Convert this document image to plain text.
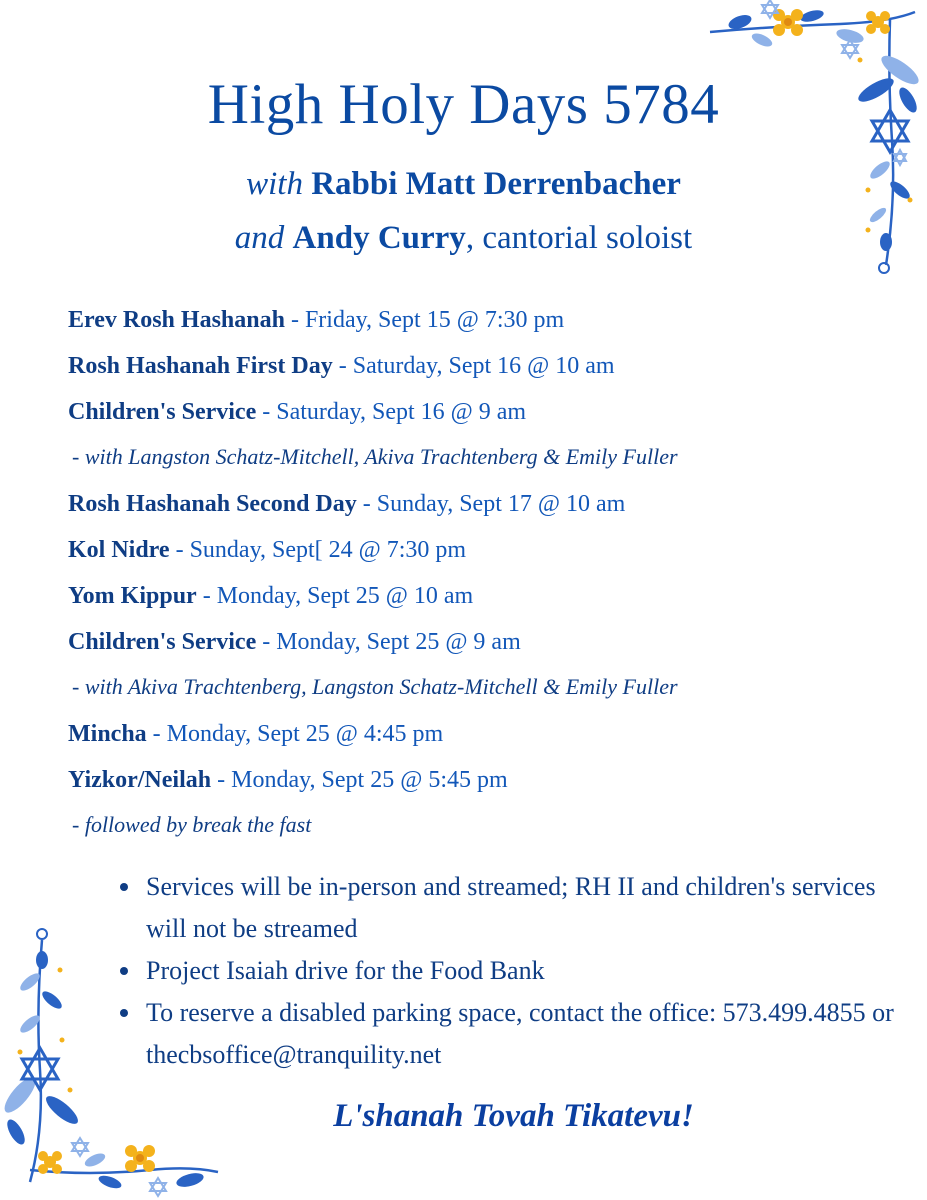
High Holy Days 5784
with Rabbi Matt Derrenbacher
and Andy Curry, cantorial soloist
Erev Rosh Hashanah - Friday, Sept 15 @ 7:30 pm
Rosh Hashanah First Day - Saturday, Sept 16 @ 10 am
Children's Service - Saturday, Sept 16 @ 9 am
- with Langston Schatz-Mitchell, Akiva Trachtenberg & Emily Fuller
Rosh Hashanah Second Day - Sunday, Sept 17 @ 10 am
Kol Nidre - Sunday, Sept[ 24 @ 7:30 pm
Yom Kippur - Monday, Sept 25 @ 10 am
Children's Service - Monday, Sept 25 @ 9 am
- with Akiva Trachtenberg, Langston Schatz-Mitchell & Emily Fuller
Mincha - Monday, Sept 25 @ 4:45 pm
Yizkor/Neilah - Monday, Sept 25 @ 5:45 pm
- followed by break the fast
Services will be in-person and streamed; RH II and children's services will not be streamed
Project Isaiah drive for the Food Bank
To reserve a disabled parking space, contact the office: 573.499.4855 or thecbsoffice@tranquility.net
L'shanah Tovah Tikatevu!
